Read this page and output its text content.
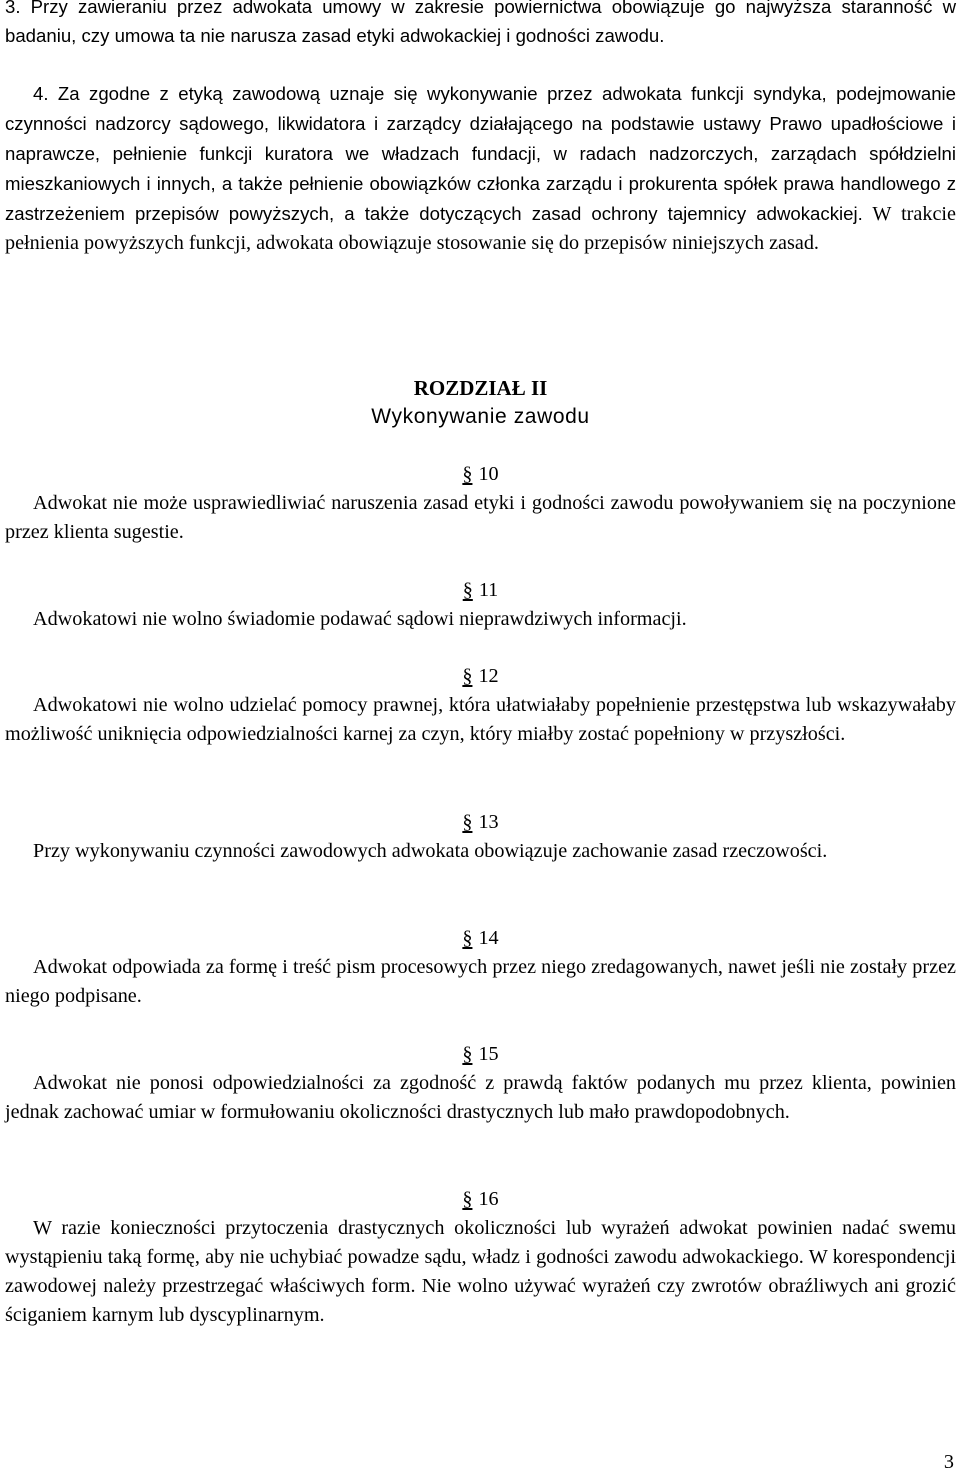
3. Przy zawieraniu przez adwokata umowy w zakresie powiernictwa obowiązuje go najwyższa staranność w badaniu, czy umowa ta nie narusza zasad etyki adwokackiej i godności zawodu.

4. Za zgodne z etyką zawodową uznaje się wykonywanie przez adwokata funkcji syndyka, podejmowanie czynności nadzorcy sądowego, likwidatora i zarządcy działającego na podstawie ustawy Prawo upadłościowe i naprawcze, pełnienie funkcji kuratora we władzach fundacji, w radach nadzorczych, zarządach spółdzielni mieszkaniowych i innych, a także pełnienie obowiązków członka zarządu i prokurenta spółek prawa handlowego z zastrzeżeniem przepisów powyższych, a także dotyczących zasad ochrony tajemnicy adwokackiej. W trakcie pełnienia powyższych funkcji, adwokata obowiązuje stosowanie się do przepisów niniejszych zasad.

ROZDZIAŁ II
Wykonywanie zawodu

§ 10

Adwokat nie może usprawiedliwiać naruszenia zasad etyki i godności zawodu powoływaniem się na poczynione przez klienta sugestie.

§ 11

Adwokatowi nie wolno świadomie podawać sądowi nieprawdziwych informacji.

§ 12

Adwokatowi nie wolno udzielać pomocy prawnej, która ułatwiałaby popełnienie przestępstwa lub wskazywałaby możliwość uniknięcia odpowiedzialności karnej za czyn, który miałby zostać popełniony w przyszłości.

§ 13

Przy wykonywaniu czynności zawodowych adwokata obowiązuje zachowanie zasad rzeczowości.

§ 14

Adwokat odpowiada za formę i treść pism procesowych przez niego zredagowanych, nawet jeśli nie zostały przez niego podpisane.

§ 15

Adwokat nie ponosi odpowiedzialności za zgodność z prawdą faktów podanych mu przez klienta, powinien jednak zachować umiar w formułowaniu okoliczności drastycznych lub mało prawdopodobnych.

§ 16

W razie konieczności przytoczenia drastycznych okoliczności lub wyrażeń adwokat powinien nadać swemu wystąpieniu taką formę, aby nie uchybiać powadze sądu, władz i godności zawodu adwokackiego. W korespondencji zawodowej należy przestrzegać właściwych form. Nie wolno używać wyrażeń czy zwrotów obraźliwych ani grozić ściganiem karnym lub dyscyplinarnym.

3
